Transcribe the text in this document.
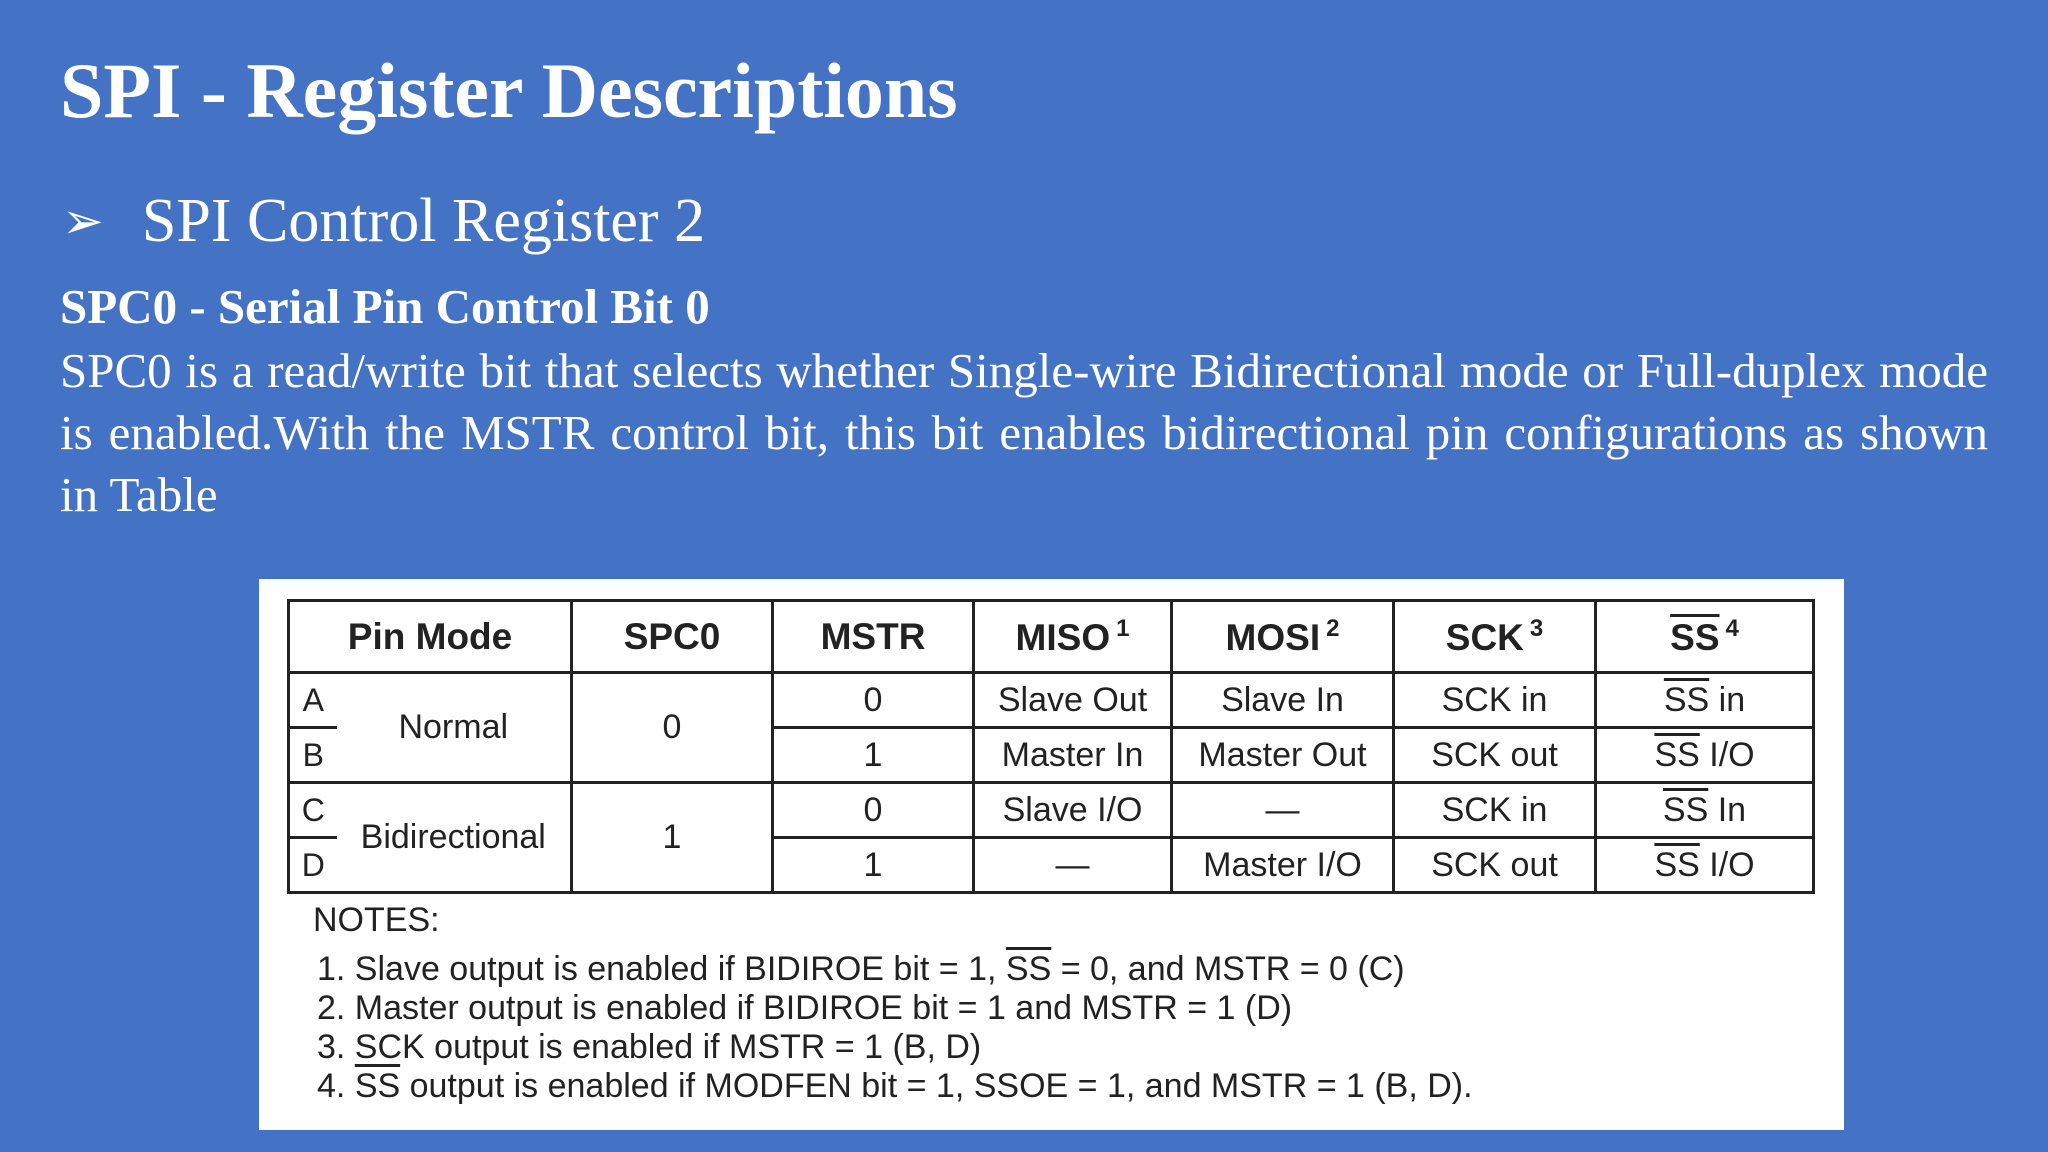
SPI - Register Descriptions
➢ SPI Control Register 2
SPC0 - Serial Pin Control Bit 0
SPC0 is a read/write bit that selects whether Single-wire Bidirectional mode or Full-duplex mode is enabled.With the MSTR control bit, this bit enables bidirectional pin configurations as shown in Table
Pin Mode		SPC0	MSTR	MISO $^1$	MOSI $^2$	SCK $^3$	$\overline{SS}$ $^4$
A	Normal	0	0	Slave Out	Slave In	SCK in	$\overline{SS}$ in
B			1	Master In	Master Out	SCK out	$\overline{SS}$ I/O
C	Bidirectional	1	0	Slave I/O	—	SCK in	$\overline{SS}$ In
D			1	—	Master I/O	SCK out	$\overline{SS}$ I/O
NOTES:
1. Slave output is enabled if BIDIROE bit = 1, $\overline{SS} = 0$, and MSTR = 0 (C)
2. Master output is enabled if BIDIROE bit = 1 and MSTR = 1 (D)
3. SCK output is enabled if MSTR = 1 (B, D)
4. $\overline{SS}$ output is enabled if MODFEN bit = 1, SSOE = 1, and MSTR = 1 (B, D).
